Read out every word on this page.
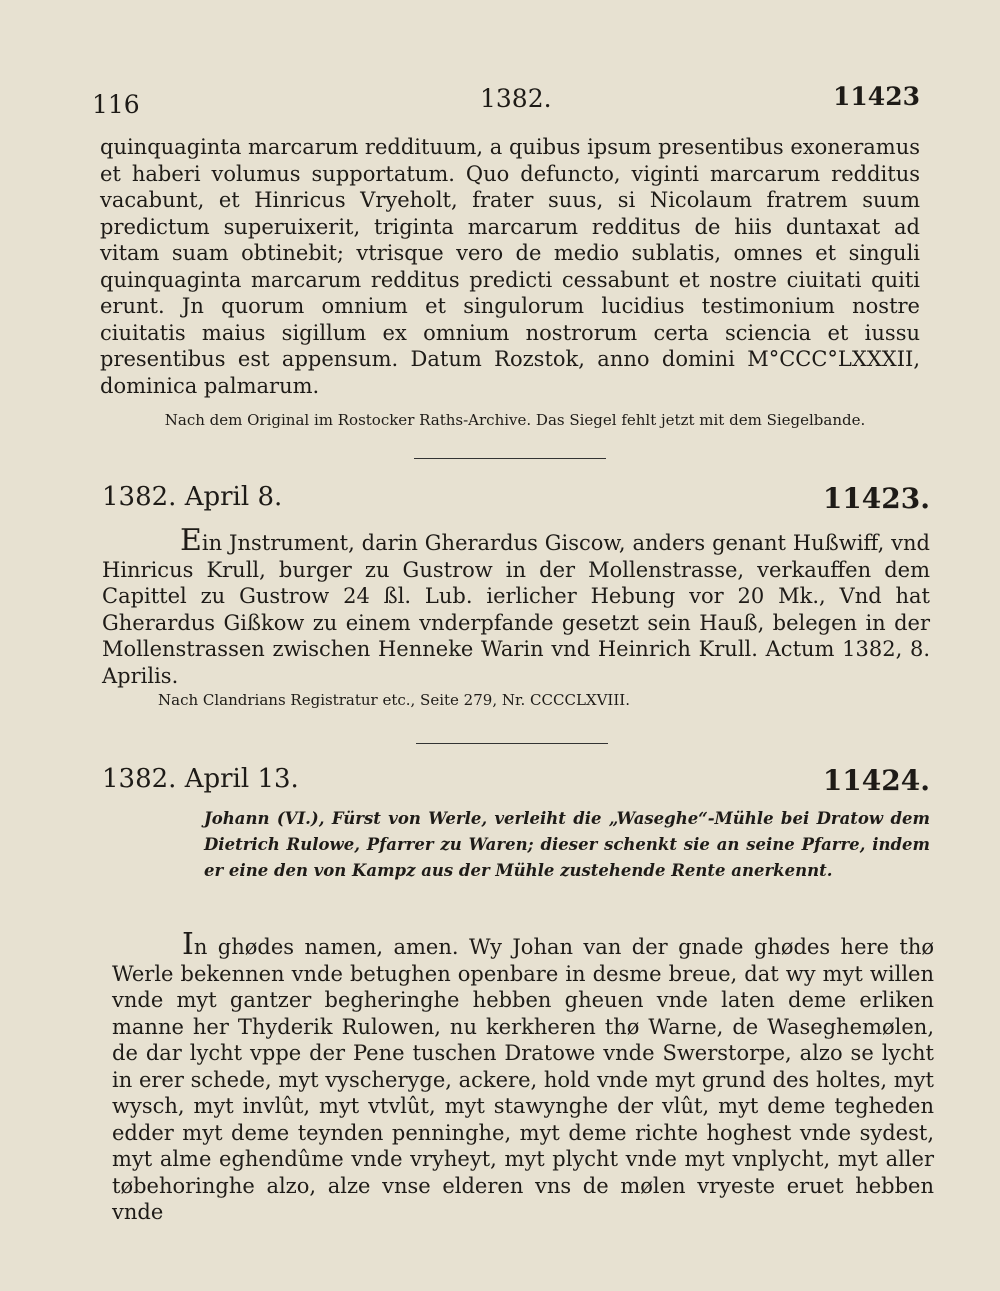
116	1382.	11423

quinquaginta marcarum reddituum, a quibus ipsum presentibus exoneramus et haberi volumus supportatum. Quo defuncto, viginti marcarum redditus vacabunt, et Hinricus Vryeholt, frater suus, si Nicolaum fratrem suum predictum superuixerit, triginta marcarum redditus de hiis duntaxat ad vitam suam obtinebit; vtrisque vero de medio sublatis, omnes et singuli quinquaginta marcarum redditus predicti cessabunt et nostre ciuitati quiti erunt. Jn quorum omnium et singulorum lucidius testimonium nostre ciuitatis maius sigillum ex omnium nostrorum certa sciencia et iussu presentibus est appensum. Datum Rozstok, anno domini M°CCC°LXXXII, dominica palmarum.

Nach dem Original im Rostocker Raths-Archive. Das Siegel fehlt jetzt mit dem Siegelbande.

1382. April 8.	11423.

Ein Jnstrument, darin Gherardus Giscow, anders genant Hußwiff, vnd Hinricus Krull, burger zu Gustrow in der Mollenstrasse, verkauffen dem Capittel zu Gustrow 24 ßl. Lub. ierlicher Hebung vor 20 Mk., Vnd hat Gherardus Gißkow zu einem vnderpfande gesetzt sein Hauß, belegen in der Mollenstrassen zwischen Henneke Warin vnd Heinrich Krull. Actum 1382, 8. Aprilis.

Nach Clandrians Registratur etc., Seite 279, Nr. CCCCLXVIII.

1382. April 13.	11424.

Johann (VI.), Fürst von Werle, verleiht die „Waseghe“-Mühle bei Dratow dem Dietrich Rulowe, Pfarrer zu Waren; dieser schenkt sie an seine Pfarre, indem er eine den von Kampz aus der Mühle zustehende Rente anerkennt.

In ghødes namen, amen. Wy Johan van der gnade ghødes here thø Werle bekennen vnde betughen openbare in desme breue, dat wy myt willen vnde myt gantzer begheringhe hebben gheuen vnde laten deme erliken manne her Thyderik Rulowen, nu kerkheren thø Warne, de Waseghemølen, de dar lycht vppe der Pene tuschen Dratowe vnde Swerstorpe, alzo se lycht in erer schede, myt vyscheryge, ackere, hold vnde myt grund des holtes, myt wysch, myt invlût, myt vtvlût, myt stawynghe der vlût, myt deme tegheden edder myt deme teynden penninghe, myt deme richte hoghest vnde sydest, myt alme eghendûme vnde vryheyt, myt plycht vnde myt vnplycht, myt aller tøbehoringhe alzo, alze vnse elderen vns de mølen vryeste eruet hebben vnde
